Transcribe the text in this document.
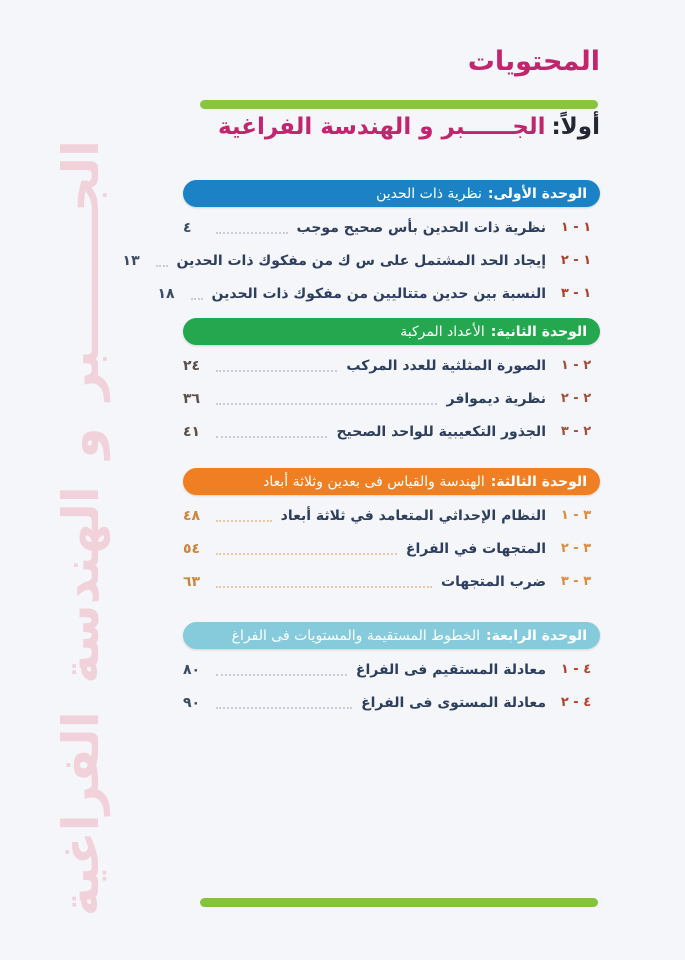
الجــــــــبر و الهندسة الفراغية
المحتويات
أولاً:الجــــــبر و الهندسة الفراغية
الوحدة الأولى:
نظرية ذات الحدين
١ - ١
نظرية ذات الحدين بأس صحيح موجب
٤
٢ - ١
إيجاد الحد المشتمل على س ك من مفكوك ذات الحدين
١٣
٣ - ١
النسبة بين حدين متتاليين من مفكوك ذات الحدين
١٨
الوحدة الثانية:
الأعداد المركبة
١ - ٢
الصورة المثلثية للعدد المركب
٢٤
٢ - ٢
نظرية ديموافر
٣٦
٣ - ٢
الجذور التكعيبية للواحد الصحيح
٤١
الوحدة الثالثة:
الهندسة والقياس فى بعدين وثلاثة أبعاد
١ - ٣
النظام الإحداثي المتعامد في ثلاثة أبعاد
٤٨
٢ - ٣
المتجهات في الفراغ
٥٤
٣ - ٣
ضرب المتجهات
٦٣
الوحدة الرابعة:
الخطوط المستقيمة والمستويات فى الفراغ
١ - ٤
معادلة المستقيم فى الفراغ
٨٠
٢ - ٤
معادلة المستوى فى الفراغ
٩٠
